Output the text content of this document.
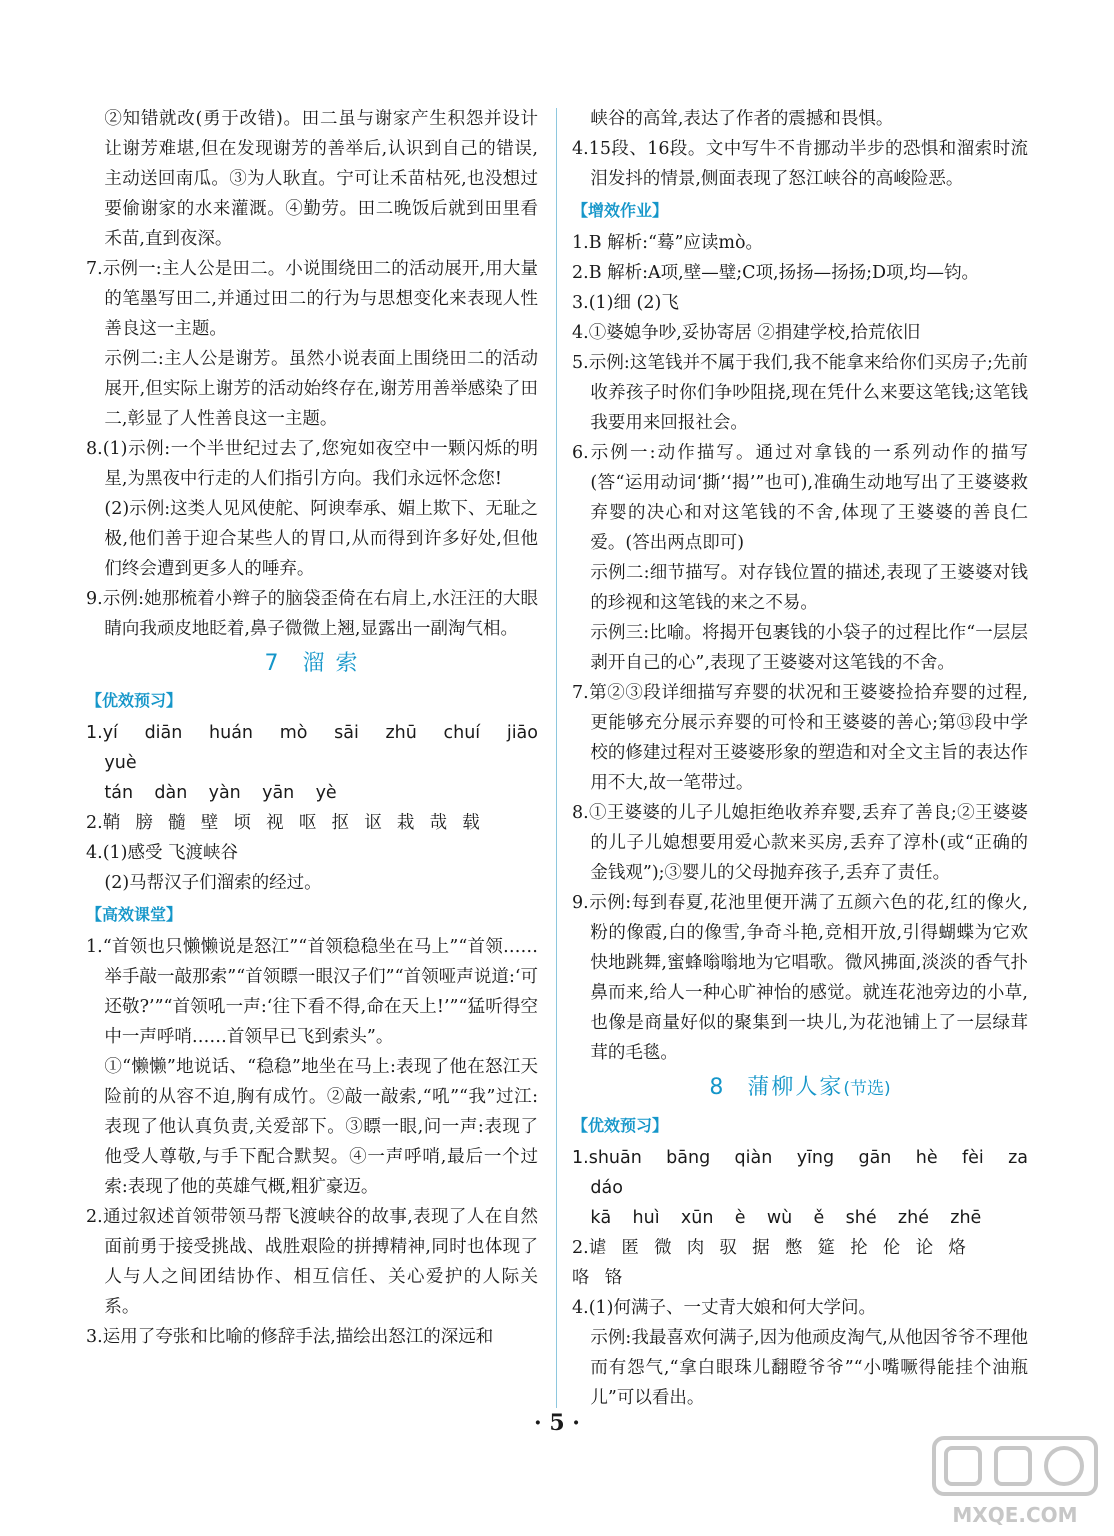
②知错就改(勇于改错)。田二虽与谢家产生积怨并设计让谢芳难堪,但在发现谢芳的善举后,认识到自己的错误,主动送回南瓜。③为人耿直。宁可让禾苗枯死,也没想过要偷谢家的水来灌溉。④勤劳。田二晚饭后就到田里看禾苗,直到夜深。

7.示例一:主人公是田二。小说围绕田二的活动展开,用大量的笔墨写田二,并通过田二的行为与思想变化来表现人性善良这一主题。

示例二:主人公是谢芳。虽然小说表面上围绕田二的活动展开,但实际上谢芳的活动始终存在,谢芳用善举感染了田二,彰显了人性善良这一主题。

8.(1)示例:一个半世纪过去了,您宛如夜空中一颗闪烁的明星,为黑夜中行走的人们指引方向。我们永远怀念您!

(2)示例:这类人见风使舵、阿谀奉承、媚上欺下、无耻之极,他们善于迎合某些人的胃口,从而得到许多好处,但他们终会遭到更多人的唾弃。

9.示例:她那梳着小辫子的脑袋歪倚在右肩上,水汪汪的大眼睛向我顽皮地眨着,鼻子微微上翘,显露出一副淘气相。

7 溜 索
【优效预习】

1.yí diān huán mò sāi zhū chuí jiāo yuè
tán dàn yàn yān yè

2.鞘 膀 髓 壁 顷 视 呕 抠 讴 栽 哉 载

4.(1)感受 飞渡峡谷

(2)马帮汉子们溜索的经过。

【高效课堂】

1.“首领也只懒懒说是怒江”“首领稳稳坐在马上”“首领……举手敲一敲那索”“首领瞟一眼汉子们”“首领哑声说道:‘可还敬?’”“首领吼一声:‘往下看不得,命在天上!’”“猛听得空中一声呼哨……首领早已飞到索头”。

①“懒懒”地说话、“稳稳”地坐在马上:表现了他在怒江天险前的从容不迫,胸有成竹。②敲一敲索,“吼”“我”过江:表现了他认真负责,关爱部下。③瞟一眼,问一声:表现了他受人尊敬,与手下配合默契。④一声呼哨,最后一个过索:表现了他的英雄气概,粗犷豪迈。

2.通过叙述首领带领马帮飞渡峡谷的故事,表现了人在自然面前勇于接受挑战、战胜艰险的拼搏精神,同时也体现了人与人之间团结协作、相互信任、关心爱护的人际关系。

3.运用了夸张和比喻的修辞手法,描绘出怒江的深远和

峡谷的高耸,表达了作者的震撼和畏惧。

4.15段、16段。文中写牛不肯挪动半步的恐惧和溜索时流泪发抖的情景,侧面表现了怒江峡谷的高峻险恶。

【增效作业】

1.B 解析:“蓦”应读mò。

2.B 解析:A项,壁—璧;C项,扬扬—扬扬;D项,均—钧。

3.(1)细 (2)飞

4.①婆媳争吵,妥协寄居 ②捐建学校,拾荒依旧

5.示例:这笔钱并不属于我们,我不能拿来给你们买房子;先前收养孩子时你们争吵阻挠,现在凭什么来要这笔钱;这笔钱我要用来回报社会。

6.示例一:动作描写。通过对拿钱的一系列动作的描写(答“运用动词‘撕’‘揭’”也可),准确生动地写出了王婆婆救弃婴的决心和对这笔钱的不舍,体现了王婆婆的善良仁爱。(答出两点即可)

示例二:细节描写。对存钱位置的描述,表现了王婆婆对钱的珍视和这笔钱的来之不易。

示例三:比喻。将揭开包裹钱的小袋子的过程比作“一层层剥开自己的心”,表现了王婆婆对这笔钱的不舍。

7.第②③段详细描写弃婴的状况和王婆婆捡拾弃婴的过程,更能够充分展示弃婴的可怜和王婆婆的善心;第⑬段中学校的修建过程对王婆婆形象的塑造和对全文主旨的表达作用不大,故一笔带过。

8.①王婆婆的儿子儿媳拒绝收养弃婴,丢弃了善良;②王婆婆的儿子儿媳想要用爱心款来买房,丢弃了淳朴(或“正确的金钱观”);③婴儿的父母抛弃孩子,丢弃了责任。

9.示例:每到春夏,花池里便开满了五颜六色的花,红的像火,粉的像霞,白的像雪,争奇斗艳,竞相开放,引得蝴蝶为它欢快地跳舞,蜜蜂嗡嗡地为它唱歌。微风拂面,淡淡的香气扑鼻而来,给人一种心旷神怡的感觉。就连花池旁边的小草,也像是商量好似的聚集到一块儿,为花池铺上了一层绿茸茸的毛毯。

8 蒲柳人家(节选)
【优效预习】

1.shuān bāng qiàn yīng gān hè fèi za dáo
kā huì xūn è wù ě shé zhé zhē

2.谑 匿 微 肉 驭 据 憋 筵 抡 伦 论 烙

咯 铬

4.(1)何满子、一丈青大娘和何大学问。

示例:我最喜欢何满子,因为他顽皮淘气,从他因爷爷不理他而有怨气,“拿白眼珠儿翻瞪爷爷”“小嘴噘得能挂个油瓶儿”可以看出。

· 5 ·
MXQE.COM
